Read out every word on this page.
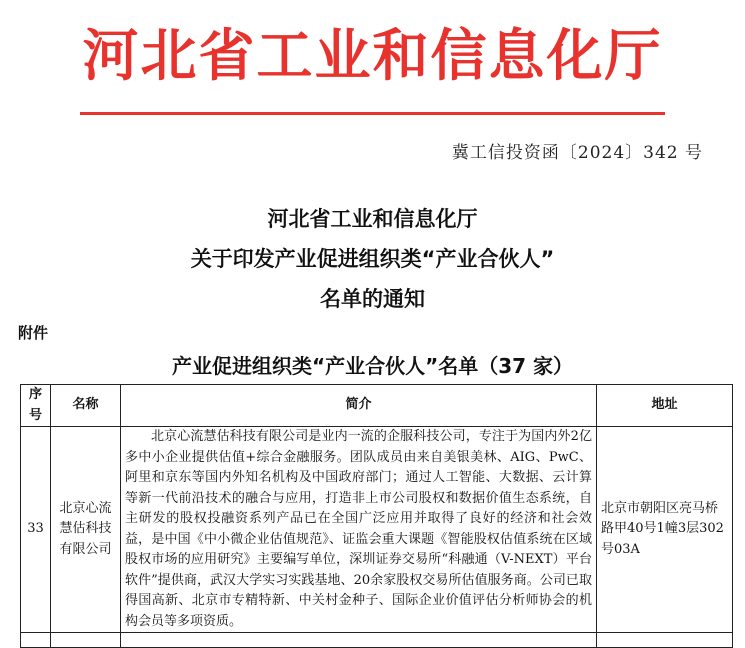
河北省工业和信息化厅
冀工信投资函〔2024〕342 号
河北省工业和信息化厅
关于印发产业促进组织类“产业合伙人”
名单的通知
附件
产业促进组织类“产业合伙人”名单（37 家）
序号	名称	简介	地址
33	北京心流慧估科技有限公司	北京心流慧估科技有限公司是业内一流的企服科技公司，专注于为国内外2亿多中小企业提供估值+综合金融服务。团队成员由来自美银美林、AIG、PwC、阿里和京东等国内外知名机构及中国政府部门；通过人工智能、大数据、云计算等新一代前沿技术的融合与应用，打造非上市公司股权和数据价值生态系统，自主研发的股权投融资系列产品已在全国广泛应用并取得了良好的经济和社会效益，是中国《中小微企业估值规范》、证监会重大课题《智能股权估值系统在区域股权市场的应用研究》主要编写单位，深圳证券交易所“科融通（V-NEXT）平台软件”提供商，武汉大学实习实践基地、20余家股权交易所估值服务商。公司已取得国高新、北京市专精特新、中关村金种子、国际企业价值评估分析师协会的机构会员等多项资质。	北京市朝阳区亮马桥路甲40号1幢3层302号03A
